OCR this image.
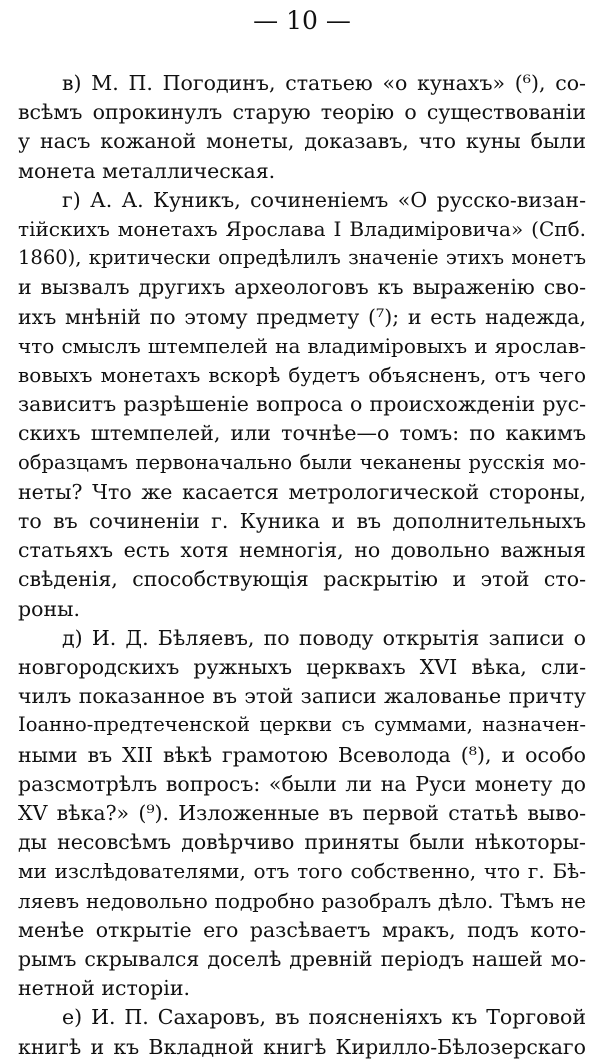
— 10 —
в) М. П. Погодинъ, статьею «о кунахъ» (⁶), со-
всѣмъ опрокинулъ старую теорію о существованіи
у насъ кожаной монеты, доказавъ, что куны были
монета металлическая.
г) А. А. Куникъ, сочиненіемъ «О русско-визан-
тійскихъ монетахъ Ярослава I Владиміровича» (Спб.
1860), критически опредѣлилъ значеніе этихъ монетъ
и вызвалъ другихъ археологовъ къ выраженію сво-
ихъ мнѣній по этому предмету (⁷); и есть надежда,
что смыслъ штемпелей на владиміровыхъ и ярослав-
вовыхъ монетахъ вскорѣ будетъ объясненъ, отъ чего
зависитъ разрѣшеніе вопроса о происхожденіи рус-
скихъ штемпелей, или точнѣе—о томъ: по какимъ
образцамъ первоначально были чеканены русскія мо-
неты? Что же касается метрологической стороны,
то въ сочиненіи г. Куника и въ дополнительныхъ
статьяхъ есть хотя немногія, но довольно важныя
свѣденія, способствующія раскрытію и этой сто-
роны.
д) И. Д. Бѣляевъ, по поводу открытія записи о
новгородскихъ ружныхъ церквахъ XVI вѣка, сли-
чилъ показанное въ этой записи жалованье причту
Іоанно-предтеченской церкви съ суммами, назначен-
ными въ XII вѣкѣ грамотою Всеволода (⁸), и особо
разсмотрѣлъ вопросъ: «были ли на Руси монету до
XV вѣка?» (⁹). Изложенные въ первой статьѣ выво-
ды несовсѣмъ довѣрчиво приняты были нѣкоторы-
ми изслѣдователями, отъ того собственно, что г. Бѣ-
ляевъ недовольно подробно разобралъ дѣло. Тѣмъ не
менѣе открытіе его разсѣваетъ мракъ, подъ кото-
рымъ скрывался доселѣ древній періодъ нашей мо-
нетной исторіи.
е) И. П. Сахаровъ, въ поясненіяхъ къ Торговой
книгѣ и къ Вкладной книгѣ Кирилло-Бѣлозерскаго
